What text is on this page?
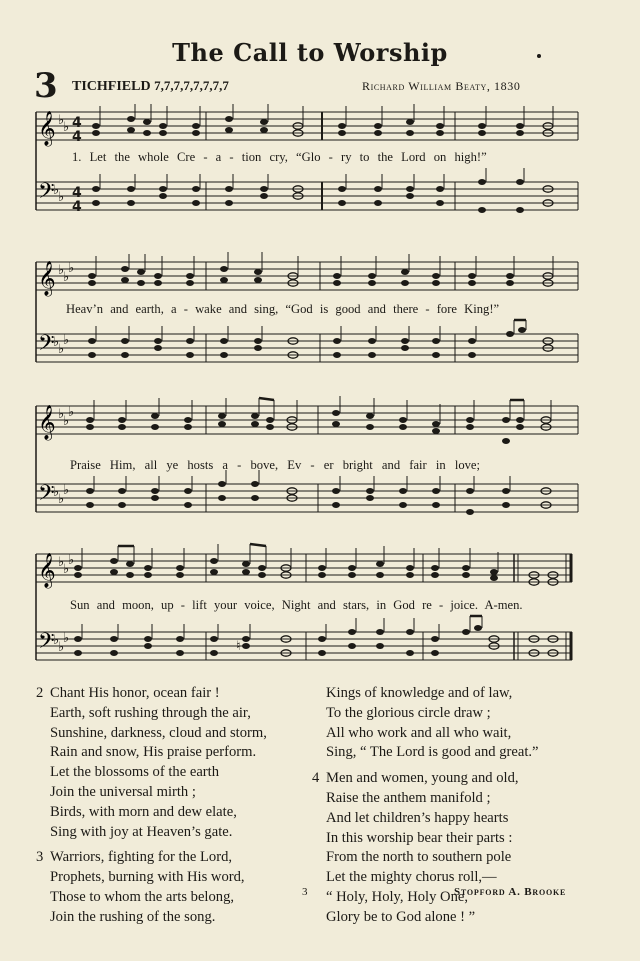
The Call to Worship
3 TICHFIELD 7,7,7,7,7,7,7,7	Richard William Beaty, 1830
𝄞
𝄢
4
4
4
4
♭
♭
♭
♭
1. Let the whole Cre - a - tion cry, “Glo - ry to the Lord on high!”
𝄞
𝄢
♭
♭
♭
♭
♭
♭
Heav’n and earth, a - wake and sing, “God is good and there - fore King!”
𝄞
𝄢
♭
♭
♭
♭
♭
♭
Praise Him, all ye hosts a - bove, Ev - er bright and fair in love;
𝄞
𝄢
♭
♭
♭
♭
♭
♭
♮
Sun and moon, up - lift your voice, Night and stars, in God re - joice. A-men.
2 Chant His honor, ocean fair !
Earth, soft rushing through the air,
Sunshine, darkness, cloud and storm,
Rain and snow, His praise perform.
Let the blossoms of the earth
Join the universal mirth ;
Birds, with morn and dew elate,
Sing with joy at Heaven’s gate.
3 Warriors, fighting for the Lord,
Prophets, burning with His word,
Those to whom the arts belong,
Join the rushing of the song.
Kings of knowledge and of law,
To the glorious circle draw ;
All who work and all who wait,
Sing, “ The Lord is good and great.”
4 Men and women, young and old,
Raise the anthem manifold ;
And let children’s happy hearts
In this worship bear their parts :
From the north to southern pole
Let the mighty chorus roll,—
“ Holy, Holy, Holy One,
Glory be to God alone ! ”
3	Stopford A. Brooke
